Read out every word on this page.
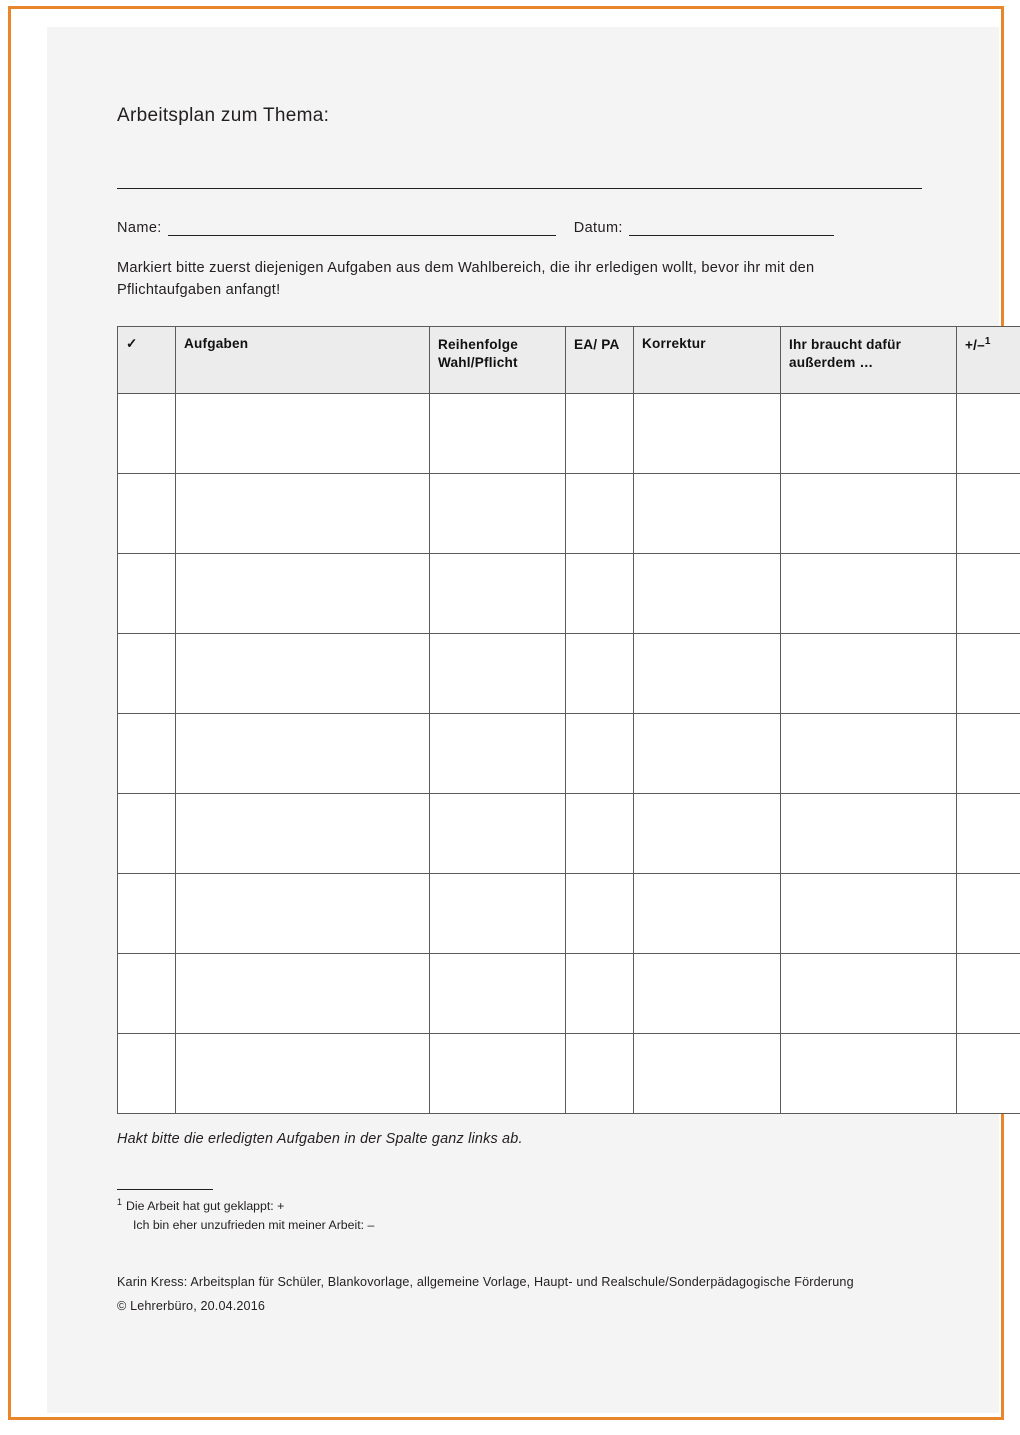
Arbeitsplan zum Thema:
Name:	Datum:
Markiert bitte zuerst diejenigen Aufgaben aus dem Wahlbereich, die ihr erledigen wollt, bevor ihr mit den Pflichtaufgaben anfangt!
✓	Aufgaben	Reihenfolge Wahl/Pflicht	EA/ PA	Korrektur	Ihr braucht dafür außerdem …	+/–$^1$

Hakt bitte die erledigten Aufgaben in der Spalte ganz links ab.
$^1$ Die Arbeit hat gut geklappt: +
Ich bin eher unzufrieden mit meiner Arbeit: –
Karin Kress: Arbeitsplan für Schüler, Blankovorlage, allgemeine Vorlage, Haupt- und Realschule/Sonderpädagogische Förderung
© Lehrerbüro, 20.04.2016
